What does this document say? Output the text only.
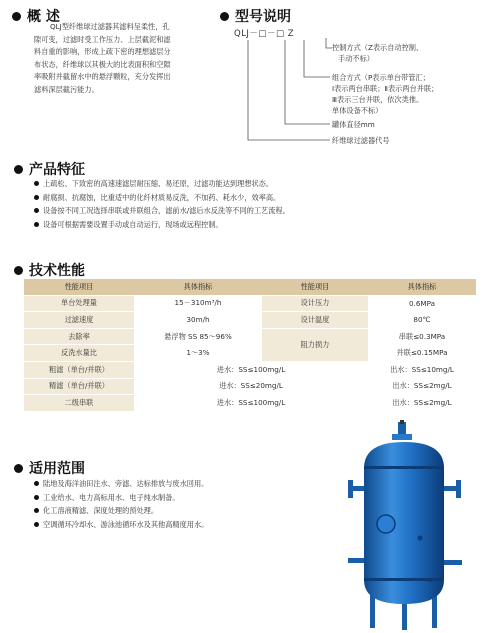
概 述
QLJ型纤维球过滤器其滤料呈柔性，孔
隙可变，过滤时受工作压力、上层截泥和滤
料自重的影响，形成上疏下密的理想滤层分
布状态，纤维球以其极大的比表面积和空隙
率吸附并截留水中的悬浮颗粒，充分发挥出
滤料深层截污能力。
型号说明
QLJ－□－□ Z
控制方式（Z表示自动控制、
手动不标）
组合方式（P表示单台带管汇；
Ⅰ表示两台串联；Ⅱ表示两台并联；
Ⅲ表示三台并联，依次类推。
单体设备不标）
罐体直径mm
纤维球过滤器代号
产品特征
上疏松、下致密的高速速滤层耐压缩、易还原，过滤功能达到理想状态。
耐腐损、抗腐蚀，比重适中的化纤材质易反洗，不加药、耗水少，效率高。
设备按不同工况选择串联或并联组合，滤前水/滤后水反洗等不同的工艺流程。
设备可根据需要设置手动或自动运行，现场或远程控制。
技术性能
性能项目	具体指标	性能项目	具体指标
单台处理量	15－310m³/h	设计压力	0.6MPa
过滤速度	30m/h	设计温度	80℃
去除率	悬浮物 SS 85～96%	阻力损力	串联≤0.3MPa
反洗水量比	1～3%		并联≤0.15MPa
粗滤（单台/并联）	进水：SS≤100mg/L		出水：SS≤10mg/L
精滤（单台/并联）	进水：SS≤20mg/L		出水：SS≤2mg/L
二级串联	进水：SS≤100mg/L		出水：SS≤2mg/L
适用范围
陆地及海洋油田注水、旁滤、达标排放与废水回用。
工业给水、电力高标用水、电子纯水制备。
化工溶液精滤、深度处理的预处理。
空调循环冷却水、游泳池循环水及其他高精度用水。
